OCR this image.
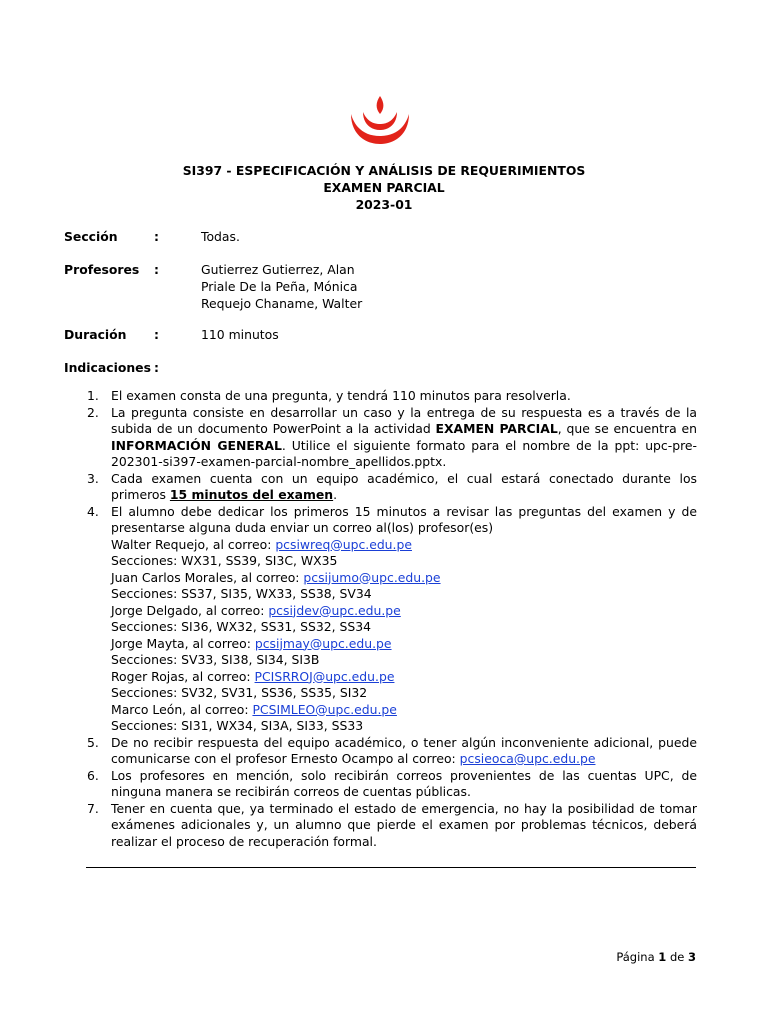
SI397 - ESPECIFICACIÓN Y ANÁLISIS DE REQUERIMIENTOS
EXAMEN PARCIAL
2023-01
Sección	:	Todas.
Profesores :	Gutierrez Gutierrez, Alan
Priale De la Peña, Mónica
Requejo Chaname, Walter
Duración :	110 minutos
Indicaciones :
1. El examen consta de una pregunta, y tendrá 110 minutos para resolverla.
2. La pregunta consiste en desarrollar un caso y la entrega de su respuesta es a través de la subida de un documento PowerPoint a la actividad EXAMEN PARCIAL, que se encuentra en INFORMACIÓN GENERAL. Utilice el siguiente formato para el nombre de la ppt: upc-pre-202301-si397-examen-parcial-nombre_apellidos.pptx.
3. Cada examen cuenta con un equipo académico, el cual estará conectado durante los primeros 15 minutos del examen.
4. El alumno debe dedicar los primeros 15 minutos a revisar las preguntas del examen y de presentarse alguna duda enviar un correo al(los) profesor(es)
Walter Requejo, al correo: pcsiwreq@upc.edu.pe
Secciones: WX31, SS39, SI3C, WX35
Juan Carlos Morales, al correo: pcsijumo@upc.edu.pe
Secciones: SS37, SI35, WX33, SS38, SV34
Jorge Delgado, al correo: pcsijdev@upc.edu.pe
Secciones: SI36, WX32, SS31, SS32, SS34
Jorge Mayta, al correo: pcsijmay@upc.edu.pe
Secciones: SV33, SI38, SI34, SI3B
Roger Rojas, al correo: PCISRROJ@upc.edu.pe
Secciones: SV32, SV31, SS36, SS35, SI32
Marco León, al correo: PCSIMLEO@upc.edu.pe
Secciones: SI31, WX34, SI3A, SI33, SS33
5. De no recibir respuesta del equipo académico, o tener algún inconveniente adicional, puede comunicarse con el profesor Ernesto Ocampo al correo: pcsieoca@upc.edu.pe
6. Los profesores en mención, solo recibirán correos provenientes de las cuentas UPC, de ninguna manera se recibirán correos de cuentas públicas.
7. Tener en cuenta que, ya terminado el estado de emergencia, no hay la posibilidad de tomar exámenes adicionales y, un alumno que pierde el examen por problemas técnicos, deberá realizar el proceso de recuperación formal.
Página 1 de 3
